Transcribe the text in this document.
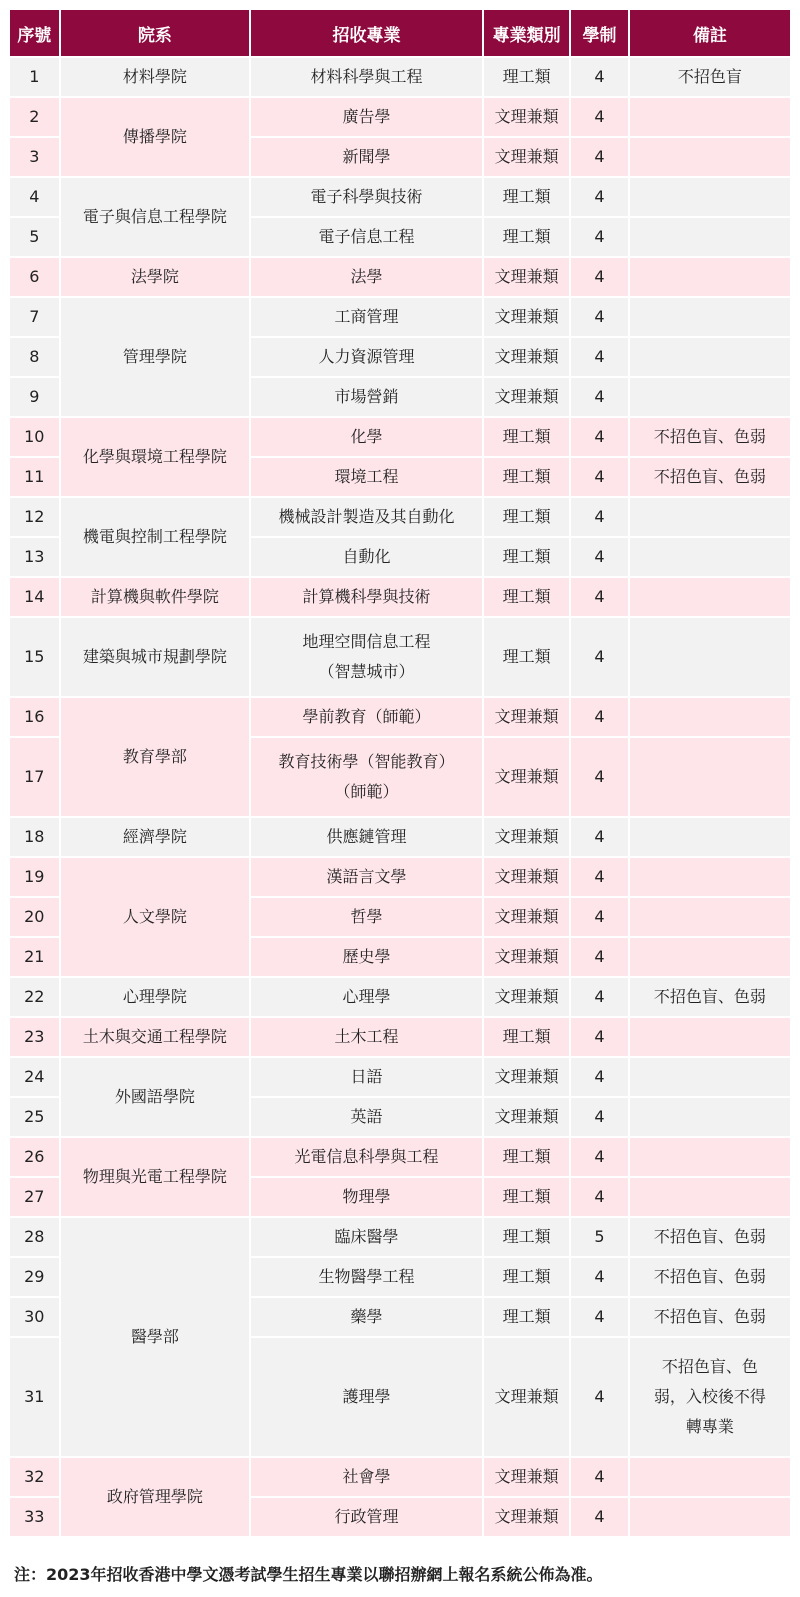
序號	院系	招收專業	專業類別	學制	備註
1	材料學院	材料科學與工程	理工類	4	不招色盲
2	傳播學院	廣告學	文理兼類	4	
3		新聞學	文理兼類	4	
4	電子與信息工程學院	電子科學與技術	理工類	4	
5		電子信息工程	理工類	4	
6	法學院	法學	文理兼類	4	
7	管理學院	工商管理	文理兼類	4	
8		人力資源管理	文理兼類	4	
9		市場營銷	文理兼類	4	
10	化學與環境工程學院	化學	理工類	4	不招色盲、色弱
11		環境工程	理工類	4	不招色盲、色弱
12	機電與控制工程學院	機械設計製造及其自動化	理工類	4	
13		自動化	理工類	4	
14	計算機與軟件學院	計算機科學與技術	理工類	4	
15	建築與城市規劃學院	地理空間信息工程
（智慧城市）	理工類	4	
16	教育學部	學前教育（師範）	文理兼類	4	
17		教育技術學（智能教育）
（師範）	文理兼類	4	
18	經濟學院	供應鏈管理	文理兼類	4	
19	人文學院	漢語言文學	文理兼類	4	
20		哲學	文理兼類	4	
21		歷史學	文理兼類	4	
22	心理學院	心理學	文理兼類	4	不招色盲、色弱
23	土木與交通工程學院	土木工程	理工類	4	
24	外國語學院	日語	文理兼類	4	
25		英語	文理兼類	4	
26	物理與光電工程學院	光電信息科學與工程	理工類	4	
27		物理學	理工類	4	
28	醫學部	臨床醫學	理工類	5	不招色盲、色弱
29		生物醫學工程	理工類	4	不招色盲、色弱
30		藥學	理工類	4	不招色盲、色弱
31		護理學	文理兼類	4	不招色盲、色
弱，入校後不得
轉專業
32	政府管理學院	社會學	文理兼類	4	
33		行政管理	文理兼類	4	
注：2023年招收香港中學文憑考試學生招生專業以聯招辦網上報名系統公佈為准。
